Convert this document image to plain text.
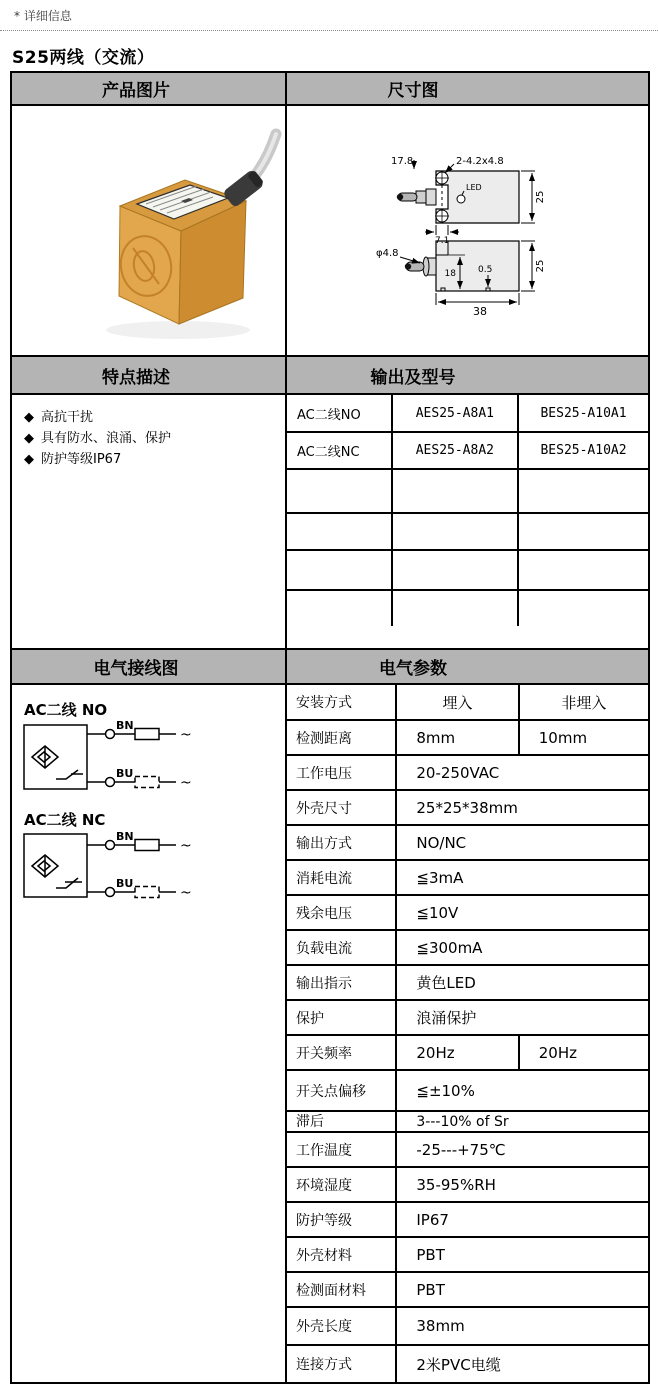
* 详细信息
S25两线（交流）
产品图片	尺寸图

2-4.2x4.8
17.8
LED
25
7.1
φ4.8
18 0.5	25
38

特点描述	输出及型号

◆ 高抗干扰
◆ 具有防水、浪涌、保护
◆ 防护等级IP67

AC二线NO	AES25-A8A1	BES25-A10A1
AC二线NC	AES25-A8A2	BES25-A10A2

电气接线图	电气参数

AC二线 NO
BN
BU
~
~
AC二线 NC
BN
BU
~
~

安装方式	埋入	非埋入
检测距离	8mm	10mm
工作电压	20-250VAC
外壳尺寸	25*25*38mm
输出方式	NO/NC
消耗电流	≦3mA
残余电压	≦10V
负载电流	≦300mA
输出指示	黄色LED
保护	浪涌保护
开关频率	20Hz	20Hz
开关点偏移	≦±10%
滞后	3---10% of Sr
工作温度	-25---+75℃
环境湿度	35-95%RH
防护等级	IP67
外壳材料	PBT
检测面材料	PBT
外壳长度	38mm
连接方式	2米PVC电缆
